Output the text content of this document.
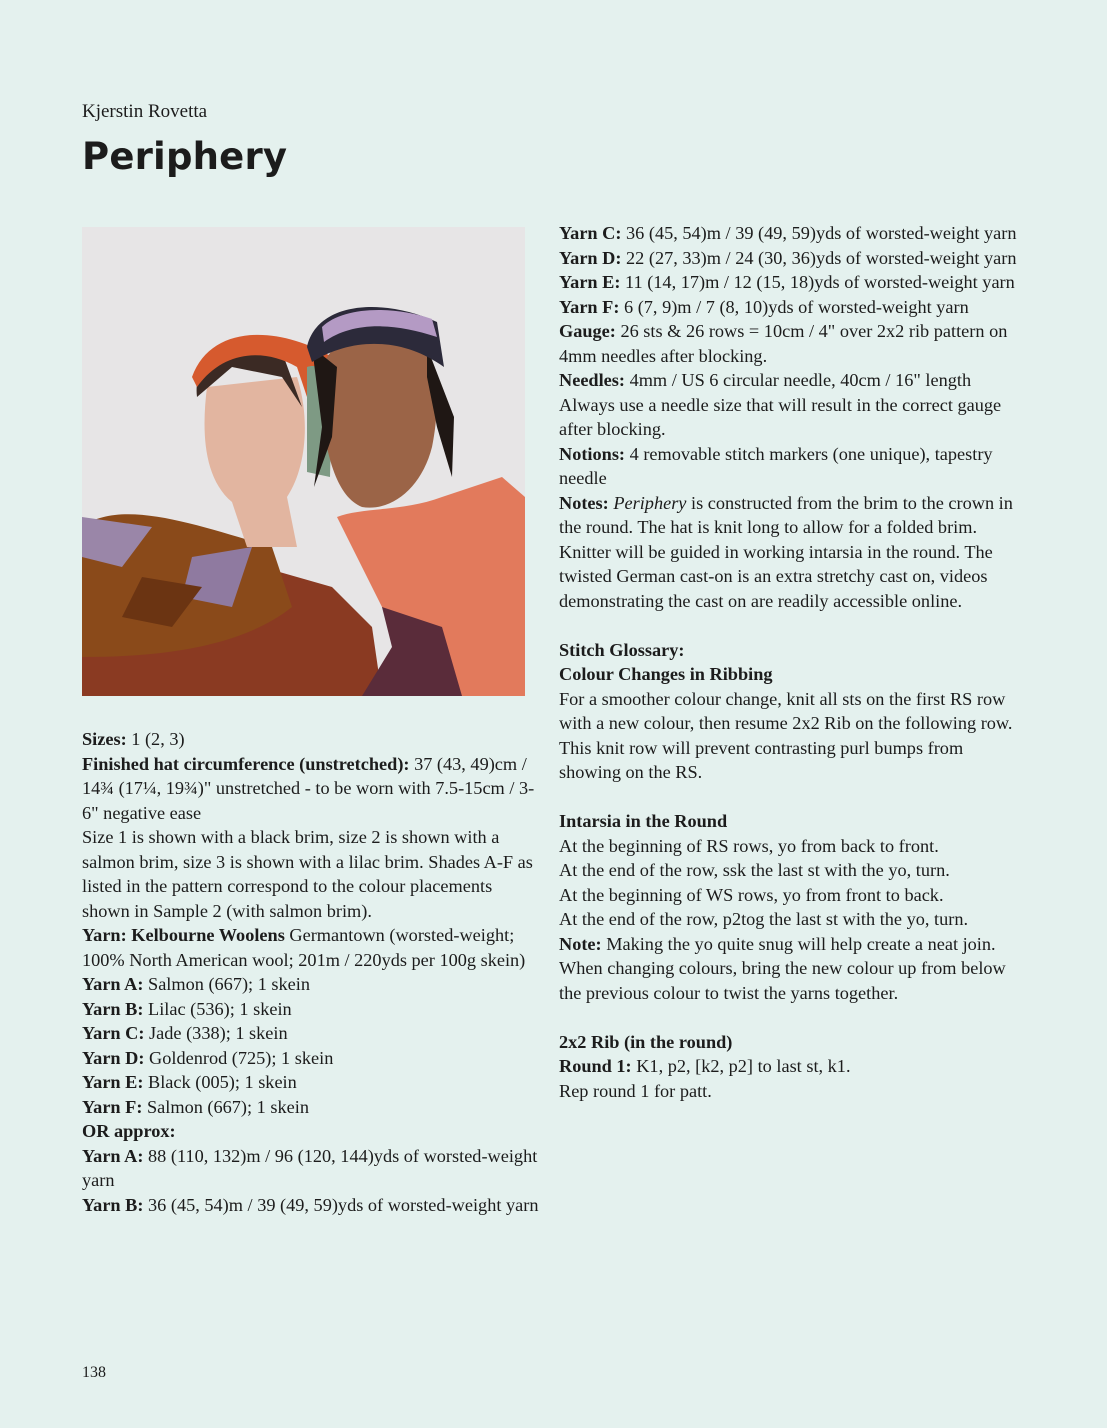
Kjerstin Rovetta
Periphery

Sizes: 1 (2, 3)

Finished hat circumference (unstretched): 37 (43, 49)cm / 14¾ (17¼, 19¾)" unstretched - to be worn with 7.5-15cm / 3-6" negative ease

Size 1 is shown with a black brim, size 2 is shown with a salmon brim, size 3 is shown with a lilac brim. Shades A-F as listed in the pattern correspond to the colour placements shown in Sample 2 (with salmon brim).

Yarn: Kelbourne Woolens Germantown (worsted-weight; 100% North American wool; 201m / 220yds per 100g skein)

Yarn A: Salmon (667); 1 skein

Yarn B: Lilac (536); 1 skein

Yarn C: Jade (338); 1 skein

Yarn D: Goldenrod (725); 1 skein

Yarn E: Black (005); 1 skein

Yarn F: Salmon (667); 1 skein

OR approx:

Yarn A: 88 (110, 132)m / 96 (120, 144)yds of worsted-weight yarn

Yarn B: 36 (45, 54)m / 39 (49, 59)yds of worsted-weight yarn

Yarn C: 36 (45, 54)m / 39 (49, 59)yds of worsted-weight yarn

Yarn D: 22 (27, 33)m / 24 (30, 36)yds of worsted-weight yarn

Yarn E: 11 (14, 17)m / 12 (15, 18)yds of worsted-weight yarn

Yarn F: 6 (7, 9)m / 7 (8, 10)yds of worsted-weight yarn

Gauge: 26 sts & 26 rows = 10cm / 4" over 2x2 rib pattern on 4mm needles after blocking.

Needles: 4mm / US 6 circular needle, 40cm / 16" length

Always use a needle size that will result in the correct gauge after blocking.

Notions: 4 removable stitch markers (one unique), tapestry needle

Notes: Periphery is constructed from the brim to the crown in the round. The hat is knit long to allow for a folded brim. Knitter will be guided in working intarsia in the round. The twisted German cast-on is an extra stretchy cast on, videos demonstrating the cast on are readily accessible online.

Stitch Glossary:

Colour Changes in Ribbing

For a smoother colour change, knit all sts on the first RS row with a new colour, then resume 2x2 Rib on the following row. This knit row will prevent contrasting purl bumps from showing on the RS.

Intarsia in the Round

At the beginning of RS rows, yo from back to front.

At the end of the row, ssk the last st with the yo, turn.

At the beginning of WS rows, yo from front to back.

At the end of the row, p2tog the last st with the yo, turn.

Note: Making the yo quite snug will help create a neat join. When changing colours, bring the new colour up from below the previous colour to twist the yarns together.

2x2 Rib (in the round)

Round 1: K1, p2, [k2, p2] to last st, k1.

Rep round 1 for patt.

138
